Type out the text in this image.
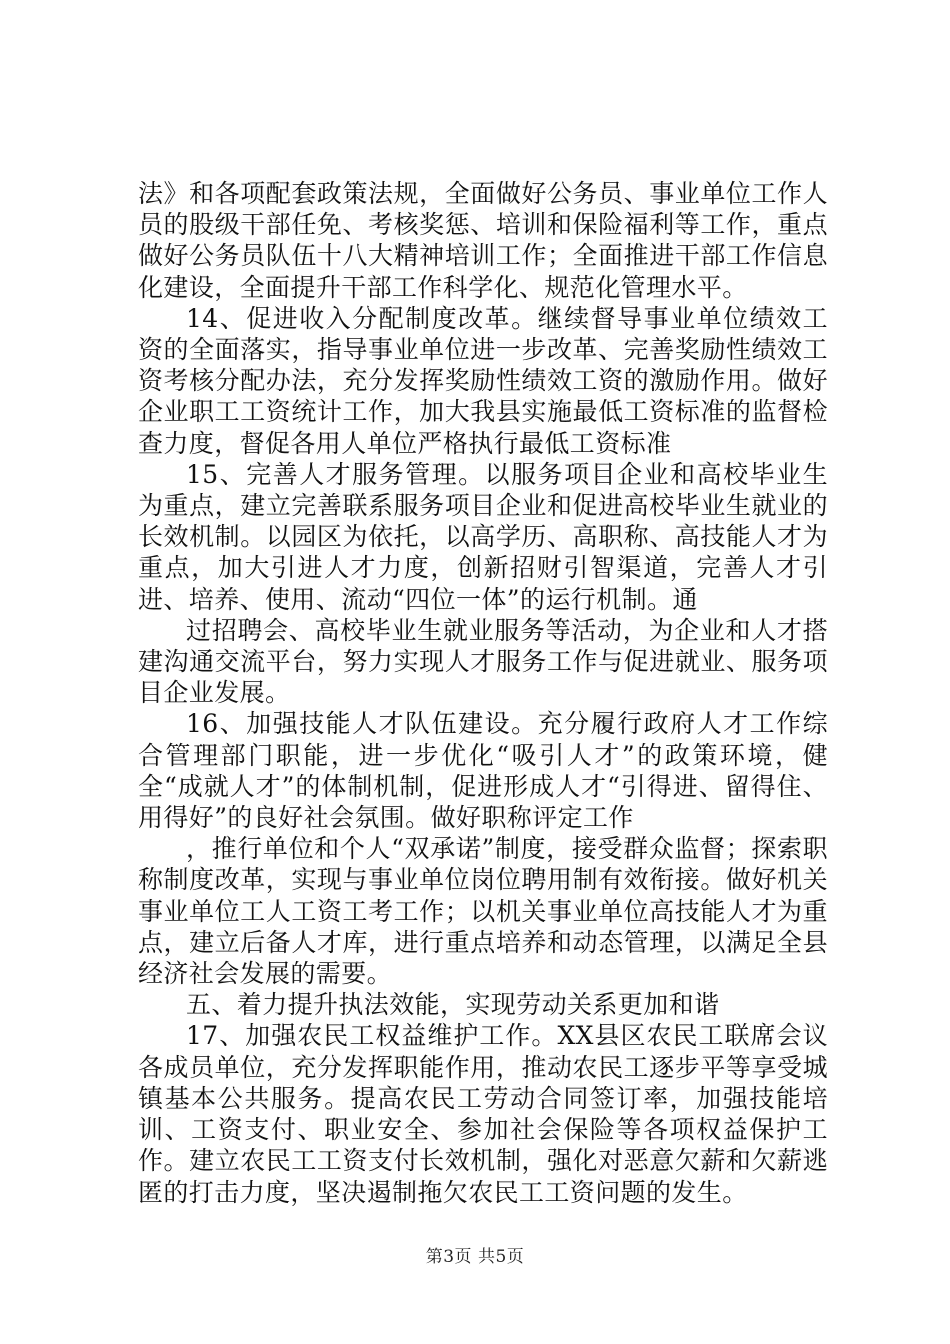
法》和各项配套政策法规，全面做好公务员、事业单位工作人员的股级干部任免、考核奖惩、培训和保险福利等工作，重点做好公务员队伍十八大精神培训工作；全面推进干部工作信息化建设，全面提升干部工作科学化、规范化管理水平。

14、促进收入分配制度改革。继续督导事业单位绩效工资的全面落实，指导事业单位进一步改革、完善奖励性绩效工资考核分配办法，充分发挥奖励性绩效工资的激励作用。做好企业职工工资统计工作，加大我县实施最低工资标准的监督检查力度，督促各用人单位严格执行最低工资标准

15、完善人才服务管理。以服务项目企业和高校毕业生为重点，建立完善联系服务项目企业和促进高校毕业生就业的长效机制。以园区为依托，以高学历、高职称、高技能人才为重点，加大引进人才力度，创新招财引智渠道，完善人才引进、培养、使用、流动“四位一体”的运行机制。通

过招聘会、高校毕业生就业服务等活动，为企业和人才搭建沟通交流平台，努力实现人才服务工作与促进就业、服务项目企业发展。

16、加强技能人才队伍建设。充分履行政府人才工作综合管理部门职能，进一步优化“吸引人才”的政策环境，健全“成就人才”的体制机制，促进形成人才“引得进、留得住、用得好”的良好社会氛围。做好职称评定工作

，推行单位和个人“双承诺”制度，接受群众监督；探索职称制度改革，实现与事业单位岗位聘用制有效衔接。做好机关事业单位工人工资工考工作；以机关事业单位高技能人才为重点，建立后备人才库，进行重点培养和动态管理，以满足全县经济社会发展的需要。

五、着力提升执法效能，实现劳动关系更加和谐

17、加强农民工权益维护工作。XX县区农民工联席会议各成员单位，充分发挥职能作用，推动农民工逐步平等享受城镇基本公共服务。提高农民工劳动合同签订率，加强技能培训、工资支付、职业安全、参加社会保险等各项权益保护工作。建立农民工工资支付长效机制，强化对恶意欠薪和欠薪逃匿的打击力度，坚决遏制拖欠农民工工资问题的发生。

第3页 共5页
